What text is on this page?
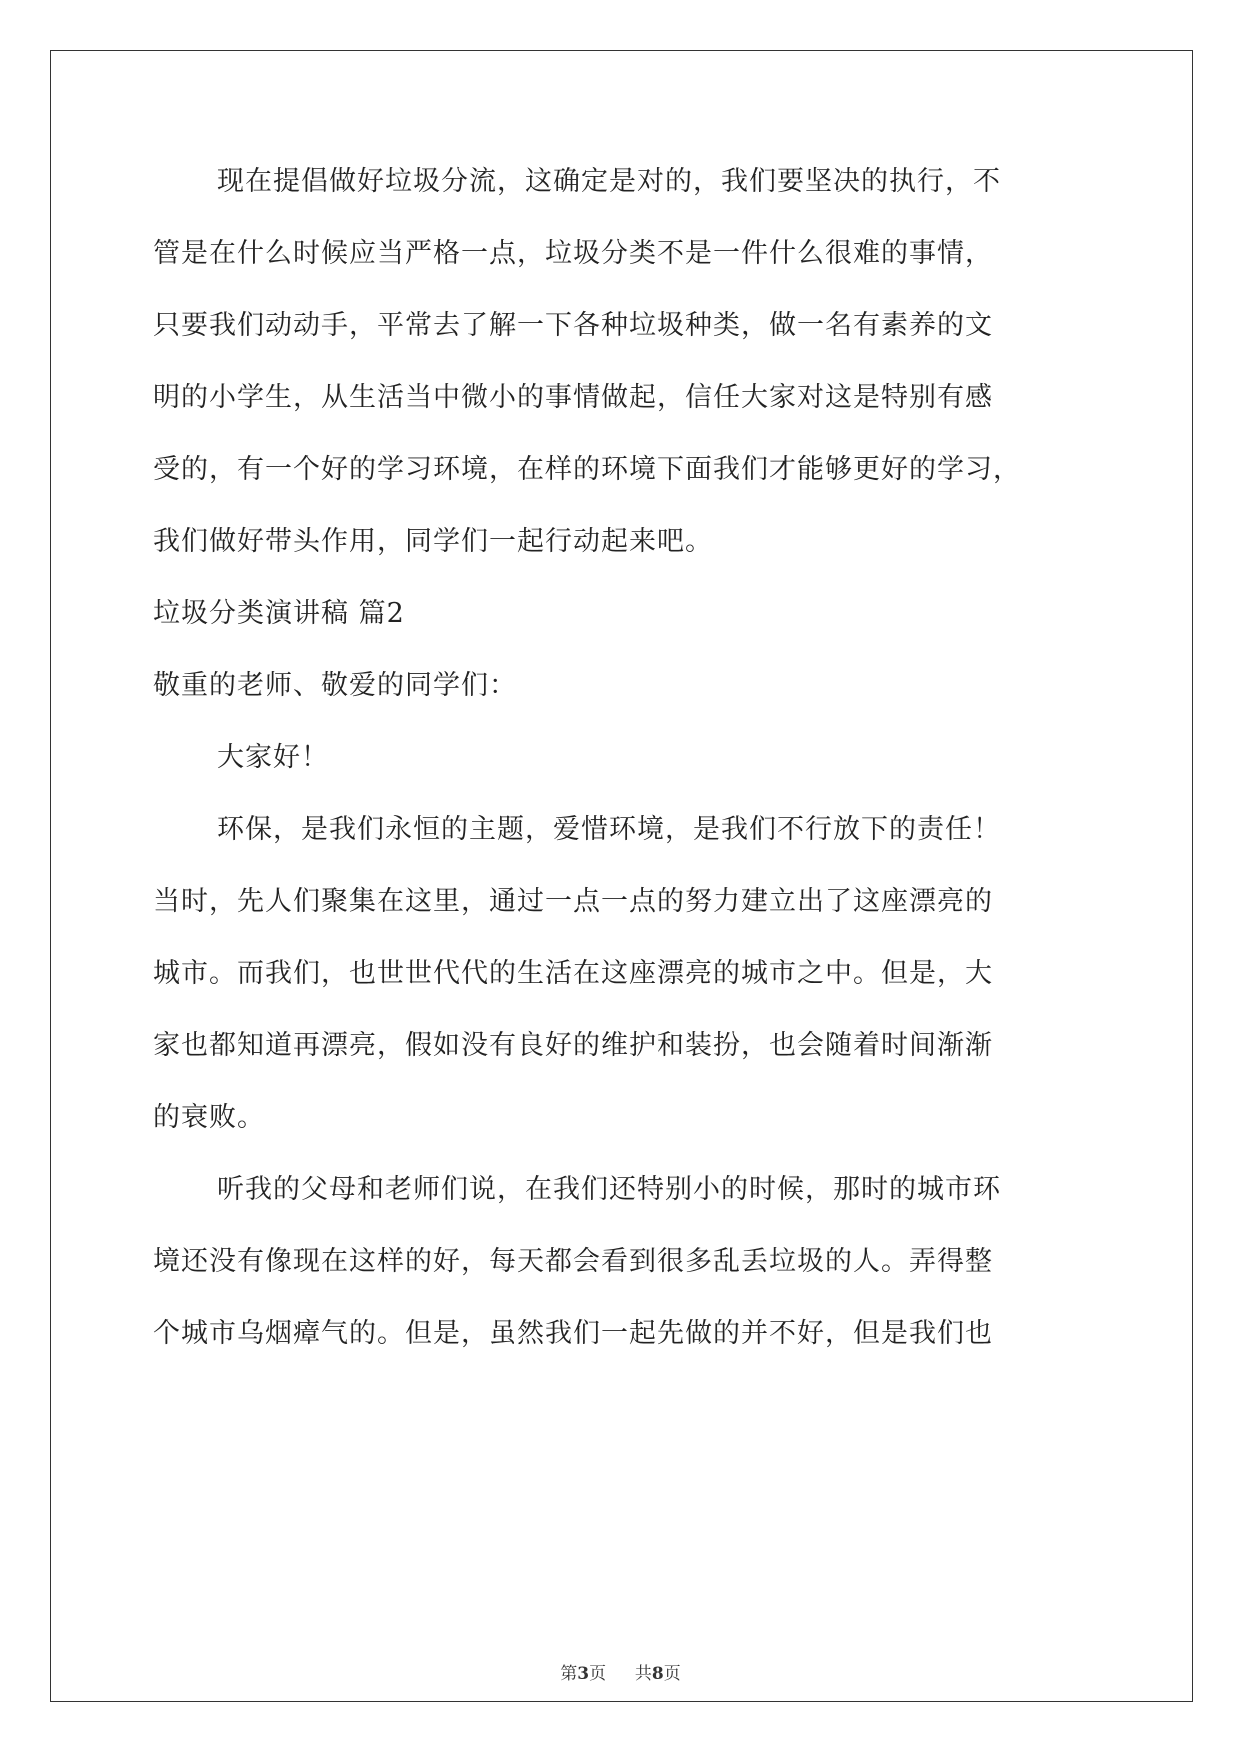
现在提倡做好垃圾分流，这确定是对的，我们要坚决的执行，不
管是在什么时候应当严格一点，垃圾分类不是一件什么很难的事情，
只要我们动动手，平常去了解一下各种垃圾种类，做一名有素养的文
明的小学生，从生活当中微小的事情做起，信任大家对这是特别有感
受的，有一个好的学习环境，在样的环境下面我们才能够更好的学习，
我们做好带头作用，同学们一起行动起来吧。
垃圾分类演讲稿 篇2
敬重的老师、敬爱的同学们：
大家好！
环保，是我们永恒的主题，爱惜环境，是我们不行放下的责任！
当时，先人们聚集在这里，通过一点一点的努力建立出了这座漂亮的
城市。而我们，也世世代代的生活在这座漂亮的城市之中。但是，大
家也都知道再漂亮，假如没有良好的维护和装扮，也会随着时间渐渐
的衰败。
听我的父母和老师们说，在我们还特别小的时候，那时的城市环
境还没有像现在这样的好，每天都会看到很多乱丢垃圾的人。弄得整
个城市乌烟瘴气的。但是，虽然我们一起先做的并不好，但是我们也
第3页 共8页
